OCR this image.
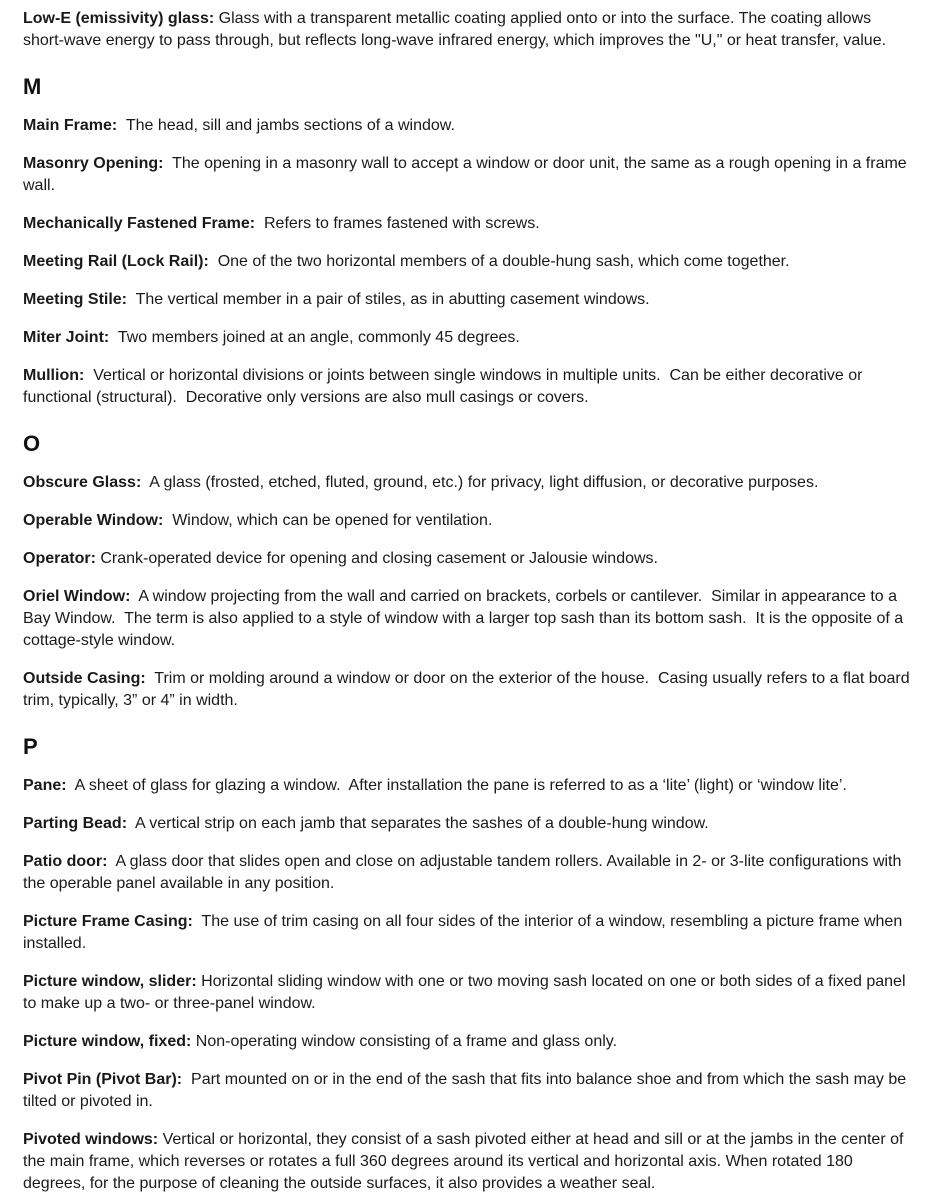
Low-E (emissivity) glass: Glass with a transparent metallic coating applied onto or into the surface. The coating allows short-wave energy to pass through, but reflects long-wave infrared energy, which improves the "U," or heat transfer, value.

M

Main Frame:  The head, sill and jambs sections of a window.

Masonry Opening:  The opening in a masonry wall to accept a window or door unit, the same as a rough opening in a frame wall.

Mechanically Fastened Frame:  Refers to frames fastened with screws.

Meeting Rail (Lock Rail):  One of the two horizontal members of a double-hung sash, which come together.

Meeting Stile:  The vertical member in a pair of stiles, as in abutting casement windows.

Miter Joint:  Two members joined at an angle, commonly 45 degrees.

Mullion:  Vertical or horizontal divisions or joints between single windows in multiple units.  Can be either decorative or functional (structural).  Decorative only versions are also mull casings or covers.

O

Obscure Glass:  A glass (frosted, etched, fluted, ground, etc.) for privacy, light diffusion, or decorative purposes.

Operable Window:  Window, which can be opened for ventilation.

Operator: Crank-operated device for opening and closing casement or Jalousie windows.

Oriel Window:  A window projecting from the wall and carried on brackets, corbels or cantilever.  Similar in appearance to a Bay Window.  The term is also applied to a style of window with a larger top sash than its bottom sash.  It is the opposite of a cottage-style window.

Outside Casing:  Trim or molding around a window or door on the exterior of the house.  Casing usually refers to a flat board trim, typically, 3” or 4” in width.

P

Pane:  A sheet of glass for glazing a window.  After installation the pane is referred to as a ‘lite’ (light) or ‘window lite’.

Parting Bead:  A vertical strip on each jamb that separates the sashes of a double-hung window.

Patio door:  A glass door that slides open and close on adjustable tandem rollers. Available in 2- or 3-lite configurations with the operable panel available in any position.

Picture Frame Casing:  The use of trim casing on all four sides of the interior of a window, resembling a picture frame when installed.

Picture window, slider: Horizontal sliding window with one or two moving sash located on one or both sides of a fixed panel to make up a two- or three-panel window.

Picture window, fixed: Non-operating window consisting of a frame and glass only.

Pivot Pin (Pivot Bar):  Part mounted on or in the end of the sash that fits into balance shoe and from which the sash may be tilted or pivoted in.

Pivoted windows: Vertical or horizontal, they consist of a sash pivoted either at head and sill or at the jambs in the center of the main frame, which reverses or rotates a full 360 degrees around its vertical and horizontal axis. When rotated 180 degrees, for the purpose of cleaning the outside surfaces, it also provides a weather seal.
